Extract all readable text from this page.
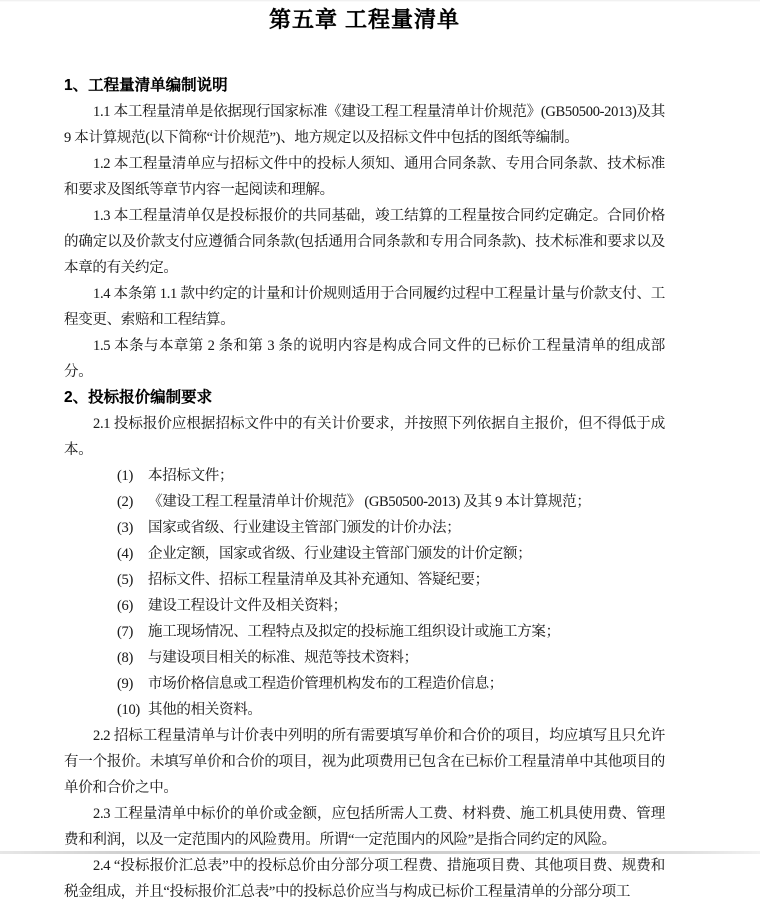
第五章 工程量清单
1、工程量清单编制说明

1.1 本工程量清单是依据现行国家标准《建设工程工程量清单计价规范》(GB50500-2013)及其 9 本计算规范(以下简称“计价规范”)、地方规定以及招标文件中包括的图纸等编制。

1.2 本工程量清单应与招标文件中的投标人须知、通用合同条款、专用合同条款、技术标准和要求及图纸等章节内容一起阅读和理解。

1.3 本工程量清单仅是投标报价的共同基础，竣工结算的工程量按合同约定确定。合同价格的确定以及价款支付应遵循合同条款(包括通用合同条款和专用合同条款)、技术标准和要求以及本章的有关约定。

1.4 本条第 1.1 款中约定的计量和计价规则适用于合同履约过程中工程量计量与价款支付、工程变更、索赔和工程结算。

1.5 本条与本章第 2 条和第 3 条的说明内容是构成合同文件的已标价工程量清单的组成部分。

2、投标报价编制要求

2.1 投标报价应根据招标文件中的有关计价要求，并按照下列依据自主报价，但不得低于成本。

(1)	本招标文件；
(2)	《建设工程工程量清单计价规范》 (GB50500-2013) 及其 9 本计算规范；
(3)	国家或省级、行业建设主管部门颁发的计价办法；
(4)	企业定额，国家或省级、行业建设主管部门颁发的计价定额；
(5)	招标文件、招标工程量清单及其补充通知、答疑纪要；
(6)	建设工程设计文件及相关资料；
(7)	施工现场情况、工程特点及拟定的投标施工组织设计或施工方案；
(8)	与建设项目相关的标准、规范等技术资料；
(9)	市场价格信息或工程造价管理机构发布的工程造价信息；
(10) 其他的相关资料。

2.2 招标工程量清单与计价表中列明的所有需要填写单价和合价的项目，均应填写且只允许有一个报价。未填写单价和合价的项目，视为此项费用已包含在已标价工程量清单中其他项目的单价和合价之中。

2.3 工程量清单中标价的单价或金额，应包括所需人工费、材料费、施工机具使用费、管理费和利润，以及一定范围内的风险费用。所谓“一定范围内的风险”是指合同约定的风险。

2.4 “投标报价汇总表”中的投标总价由分部分项工程费、措施项目费、其他项目费、规费和税金组成，并且“投标报价汇总表”中的投标总价应当与构成已标价工程量清单的分部分项工
